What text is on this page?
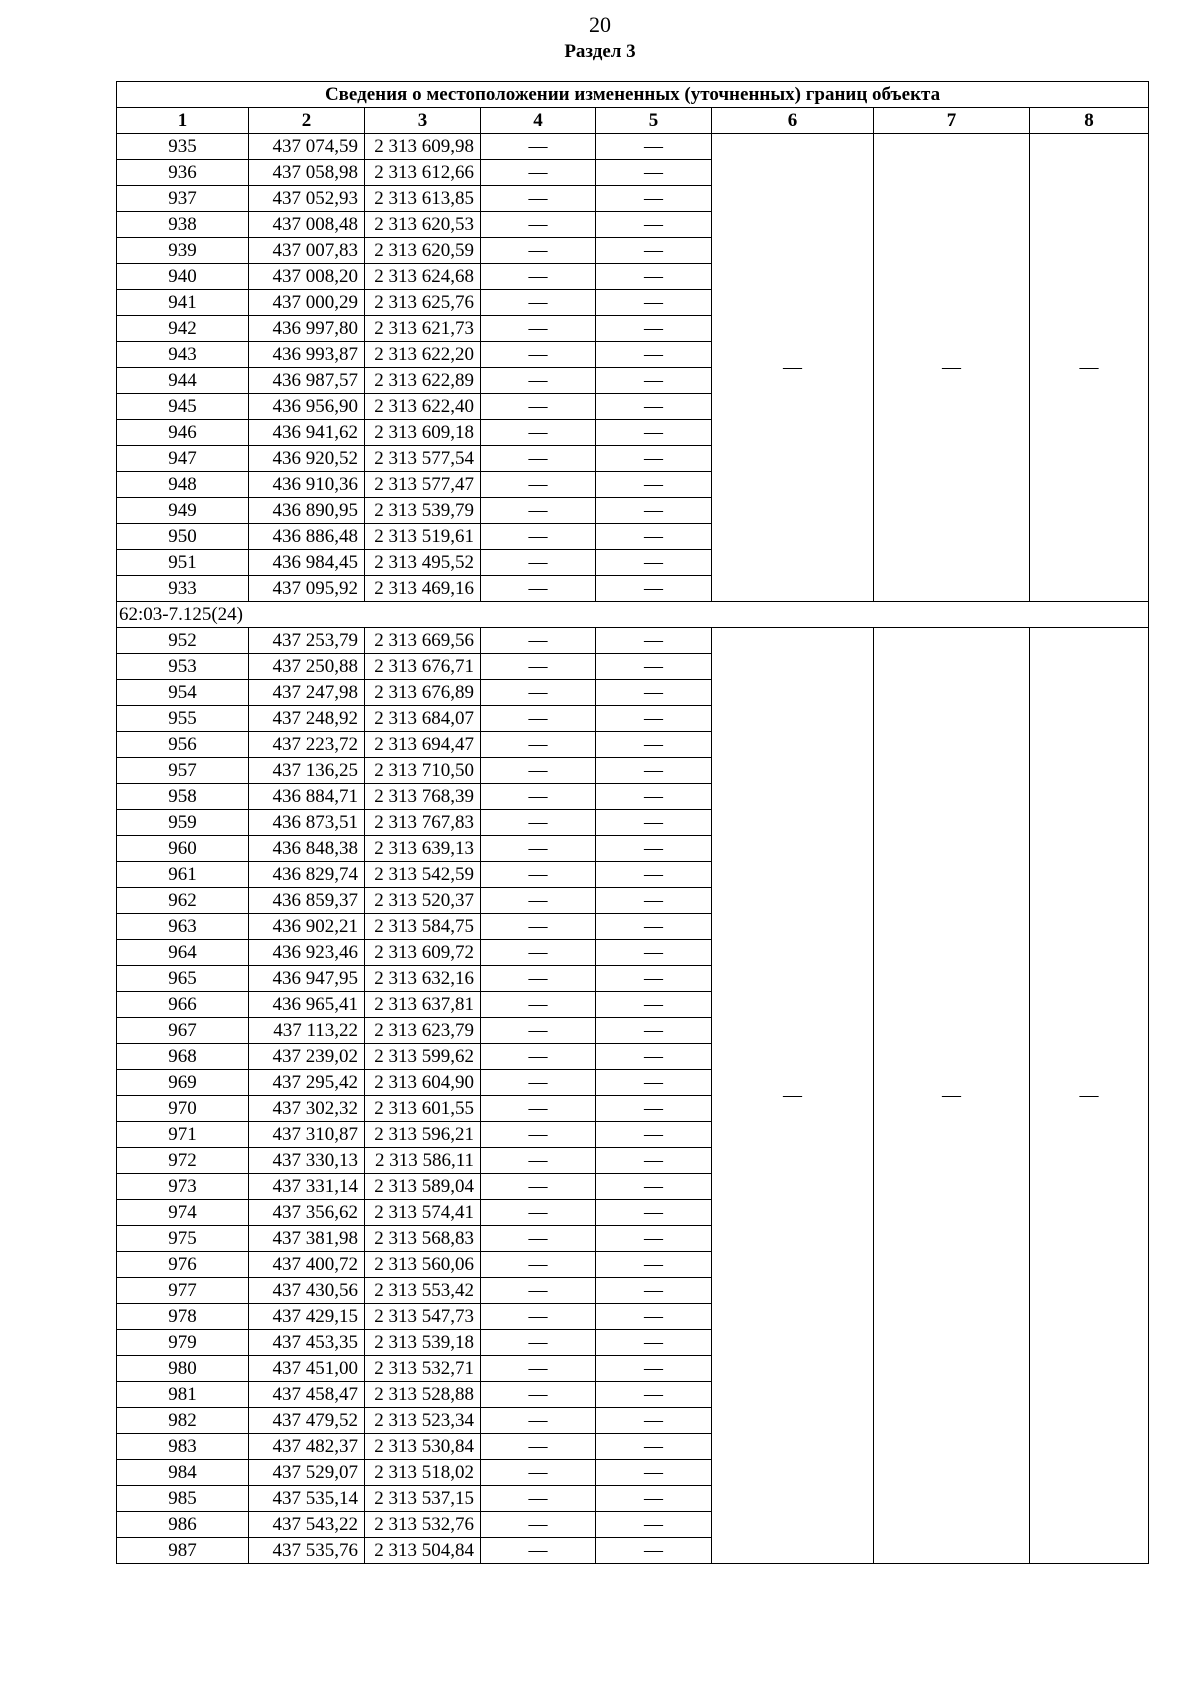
20
Раздел 3
Сведения о местоположении измененных (уточненных) границ объекта							
1	2	3	4	5	6	7	8
935	437 074,59	2 313 609,98	—	—	—	—	—
936	437 058,98	2 313 612,66	—	—			
937	437 052,93	2 313 613,85	—	—			
938	437 008,48	2 313 620,53	—	—			
939	437 007,83	2 313 620,59	—	—			
940	437 008,20	2 313 624,68	—	—			
941	437 000,29	2 313 625,76	—	—			
942	436 997,80	2 313 621,73	—	—			
943	436 993,87	2 313 622,20	—	—			
944	436 987,57	2 313 622,89	—	—			
945	436 956,90	2 313 622,40	—	—			
946	436 941,62	2 313 609,18	—	—			
947	436 920,52	2 313 577,54	—	—			
948	436 910,36	2 313 577,47	—	—			
949	436 890,95	2 313 539,79	—	—			
950	436 886,48	2 313 519,61	—	—			
951	436 984,45	2 313 495,52	—	—			
933	437 095,92	2 313 469,16	—	—			
62:03-7.125(24)							
952	437 253,79	2 313 669,56	—	—	—	—	—
953	437 250,88	2 313 676,71	—	—			
954	437 247,98	2 313 676,89	—	—			
955	437 248,92	2 313 684,07	—	—			
956	437 223,72	2 313 694,47	—	—			
957	437 136,25	2 313 710,50	—	—			
958	436 884,71	2 313 768,39	—	—			
959	436 873,51	2 313 767,83	—	—			
960	436 848,38	2 313 639,13	—	—			
961	436 829,74	2 313 542,59	—	—			
962	436 859,37	2 313 520,37	—	—			
963	436 902,21	2 313 584,75	—	—			
964	436 923,46	2 313 609,72	—	—			
965	436 947,95	2 313 632,16	—	—			
966	436 965,41	2 313 637,81	—	—			
967	437 113,22	2 313 623,79	—	—			
968	437 239,02	2 313 599,62	—	—			
969	437 295,42	2 313 604,90	—	—			
970	437 302,32	2 313 601,55	—	—			
971	437 310,87	2 313 596,21	—	—			
972	437 330,13	2 313 586,11	—	—			
973	437 331,14	2 313 589,04	—	—			
974	437 356,62	2 313 574,41	—	—			
975	437 381,98	2 313 568,83	—	—			
976	437 400,72	2 313 560,06	—	—			
977	437 430,56	2 313 553,42	—	—			
978	437 429,15	2 313 547,73	—	—			
979	437 453,35	2 313 539,18	—	—			
980	437 451,00	2 313 532,71	—	—			
981	437 458,47	2 313 528,88	—	—			
982	437 479,52	2 313 523,34	—	—			
983	437 482,37	2 313 530,84	—	—			
984	437 529,07	2 313 518,02	—	—			
985	437 535,14	2 313 537,15	—	—			
986	437 543,22	2 313 532,76	—	—			
987	437 535,76	2 313 504,84	—	—			
